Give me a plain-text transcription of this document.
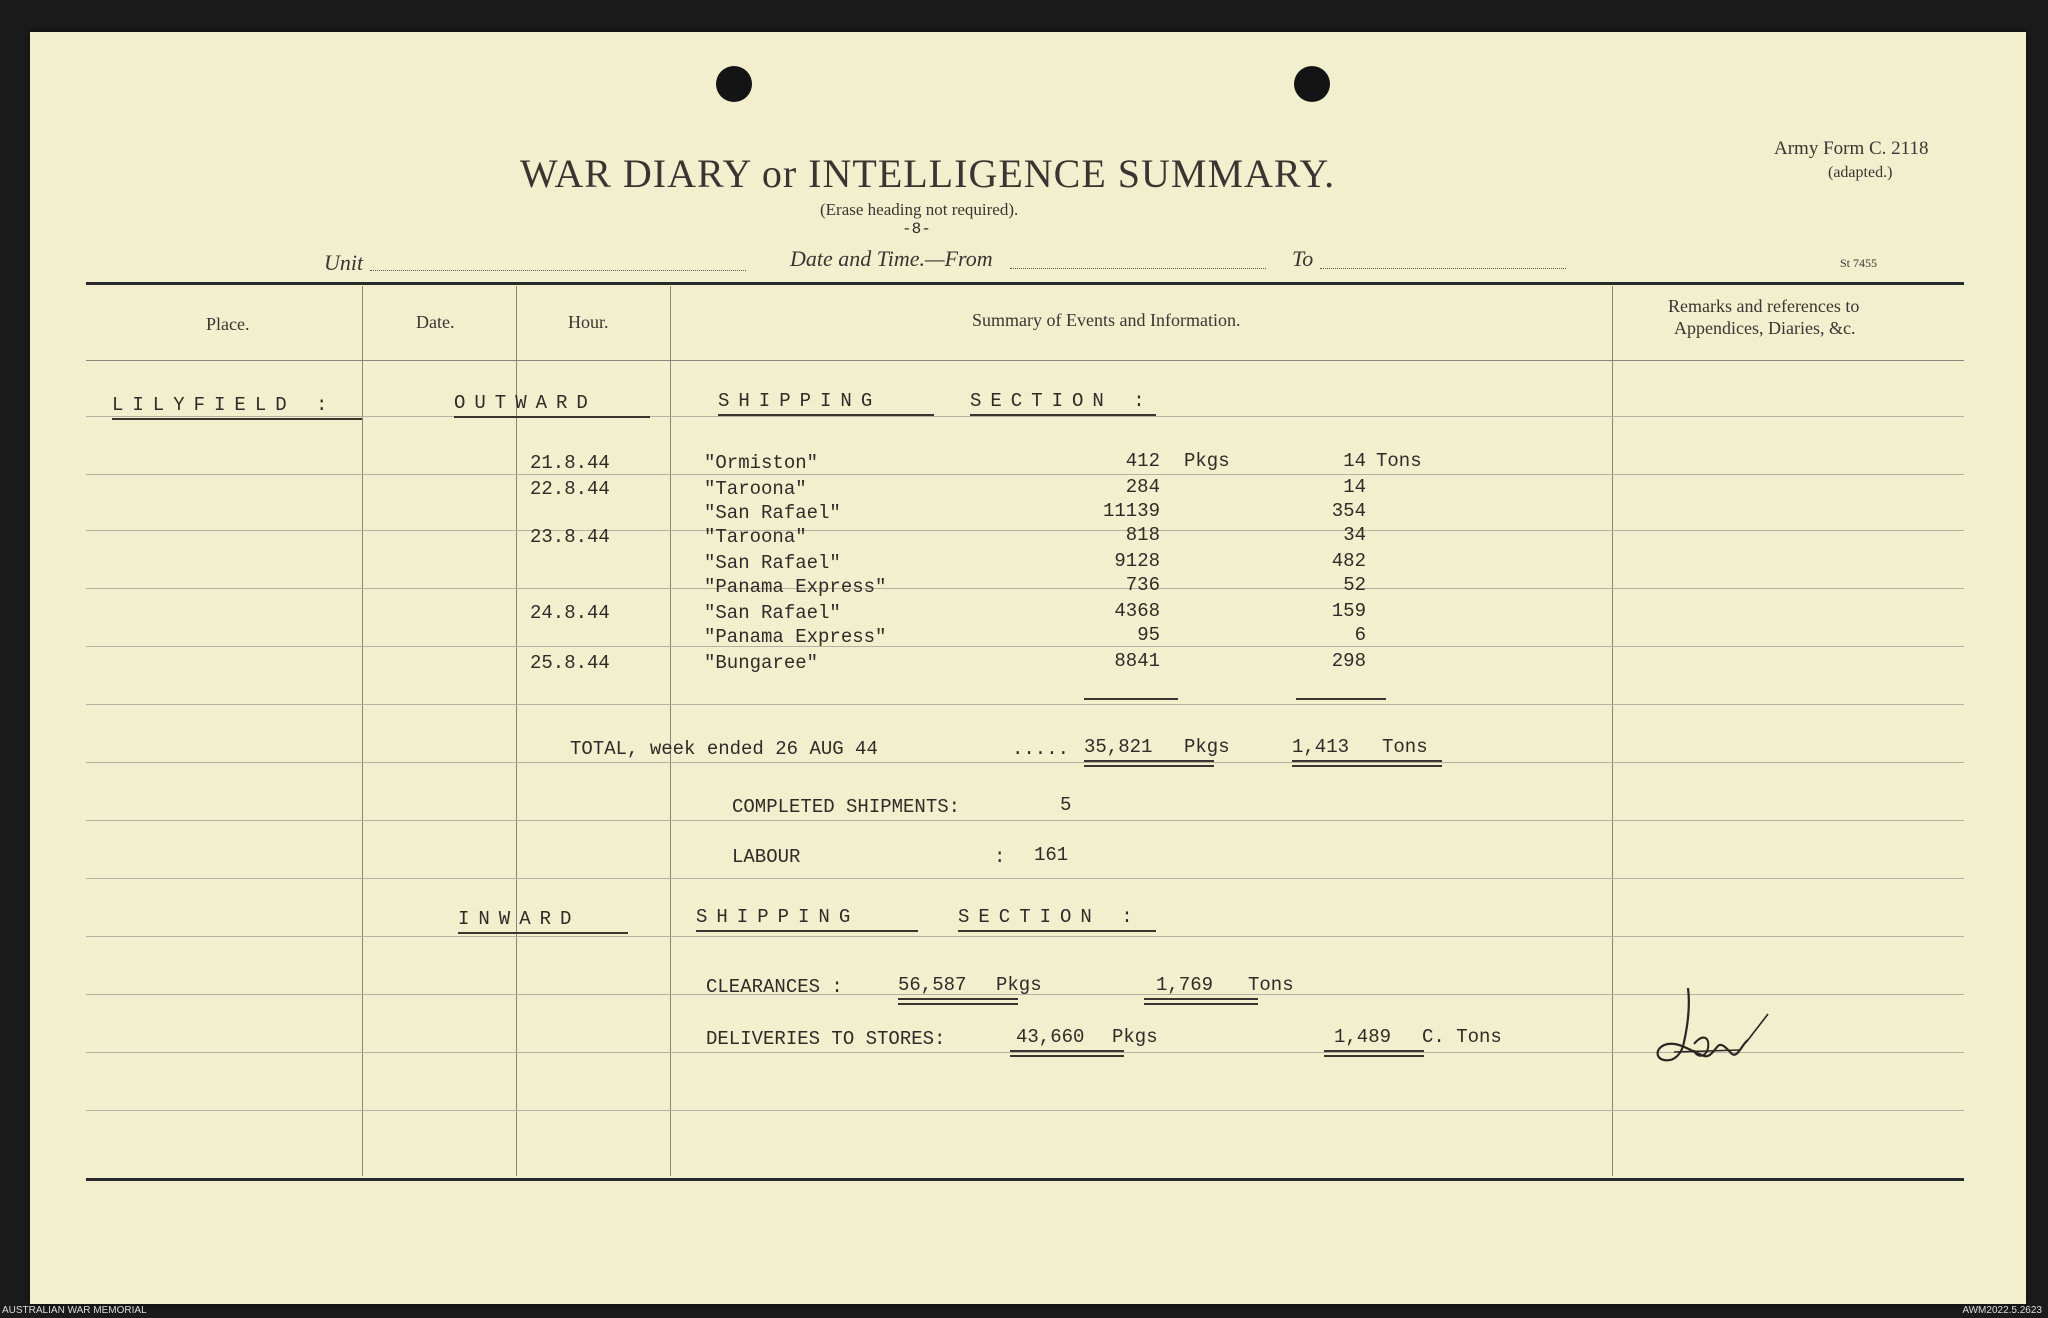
WAR DIARY or INTELLIGENCE SUMMARY.
(Erase heading not required).
-8-
Army Form C. 2118
(adapted.)
Unit	Date and Time.—From	To	St 7455
Place.	Date.	Hour.	Summary of Events and Information.
Remarks and references to
Appendices, Diaries, &c.
LILYFIELD :	OUTWARD	SHIPPING	SECTION :
21.8.44	"Ormiston"	412 Pkgs	14 Tons
22.8.44	"Taroona"	284	14
"San Rafael"	11139	354
23.8.44	"Taroona"	818	34
"San Rafael"	9128	482
"Panama Express"	736	52
24.8.44	"San Rafael"	4368	159
"Panama Express"	95	6
25.8.44	"Bungaree"	8841	298
TOTAL, week ended 26 AUG 44	..... 35,821 Pkgs	1,413 Tons
COMPLETED SHIPMENTS:	5
LABOUR	: 161
INWARD	SHIPPING	SECTION :
CLEARANCES :	56,587 Pkgs	1,769 Tons
DELIVERIES TO STORES:	43,660 Pkgs	1,489 C. Tons
AUSTRALIAN WAR MEMORIAL	AWM2022.5.2623
